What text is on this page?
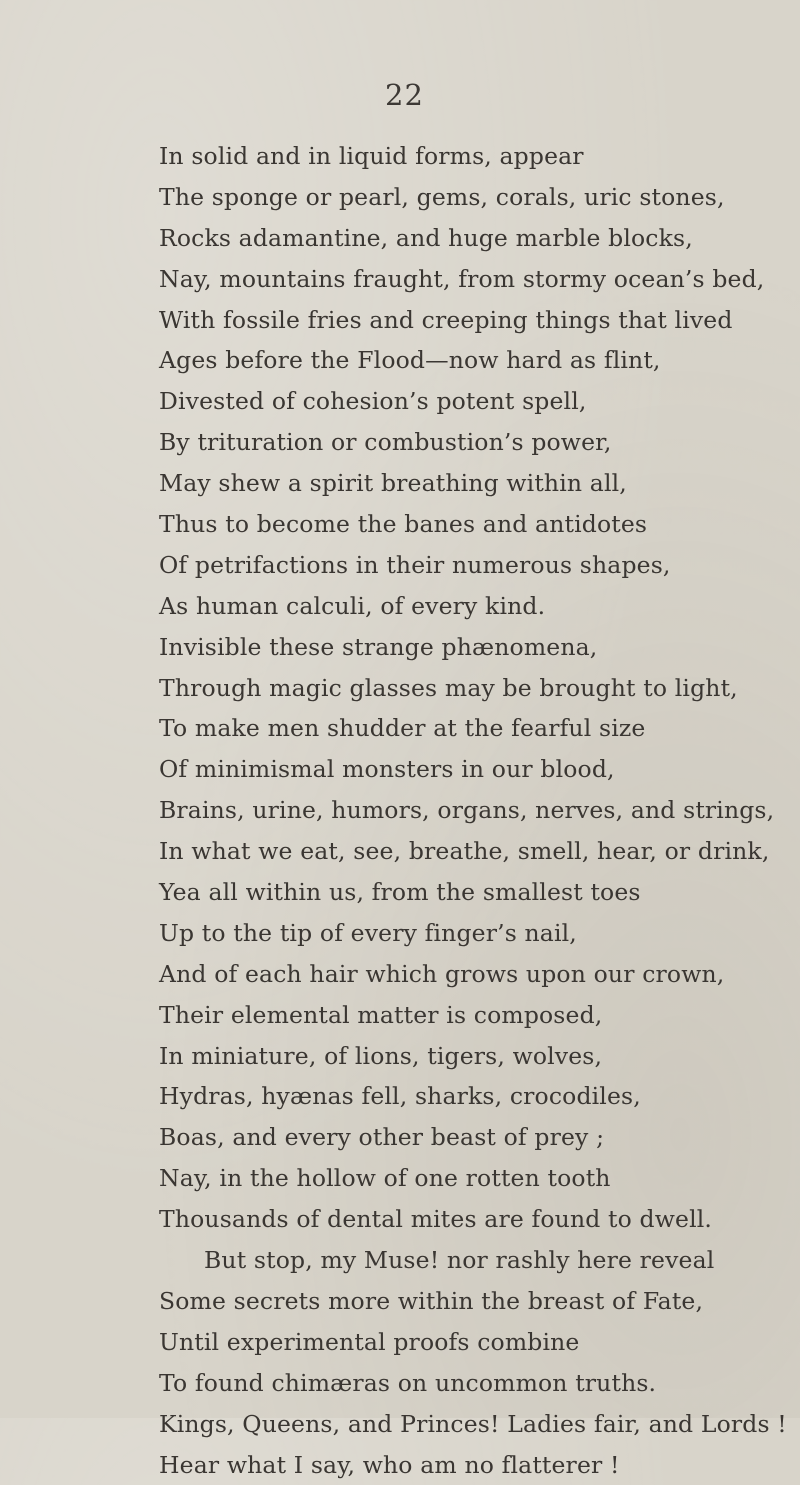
22
In solid and in liquid forms, appear
The sponge or pearl, gems, corals, uric stones,
Rocks adamantine, and huge marble blocks,
Nay, mountains fraught, from stormy ocean’s bed,
With fossile fries and creeping things that lived
Ages before the Flood—now hard as flint,
Divested of cohesion’s potent spell,
By trituration or combustion’s power,
May shew a spirit breathing within all,
Thus to become the banes and antidotes
Of petrifactions in their numerous shapes,
As human calculi, of every kind.
Invisible these strange phænomena,
Through magic glasses may be brought to light,
To make men shudder at the fearful size
Of minimismal monsters in our blood,
Brains, urine, humors, organs, nerves, and strings,
In what we eat, see, breathe, smell, hear, or drink,
Yea all within us, from the smallest toes
Up to the tip of every finger’s nail,
And of each hair which grows upon our crown,
Their elemental matter is composed,
In miniature, of lions, tigers, wolves,
Hydras, hyænas fell, sharks, crocodiles,
Boas, and every other beast of prey ;
Nay, in the hollow of one rotten tooth
Thousands of dental mites are found to dwell.
But stop, my Muse! nor rashly here reveal
Some secrets more within the breast of Fate,
Until experimental proofs combine
To found chimæras on uncommon truths.
Kings, Queens, and Princes! Ladies fair, and Lords !
Hear what I say, who am no flatterer !
